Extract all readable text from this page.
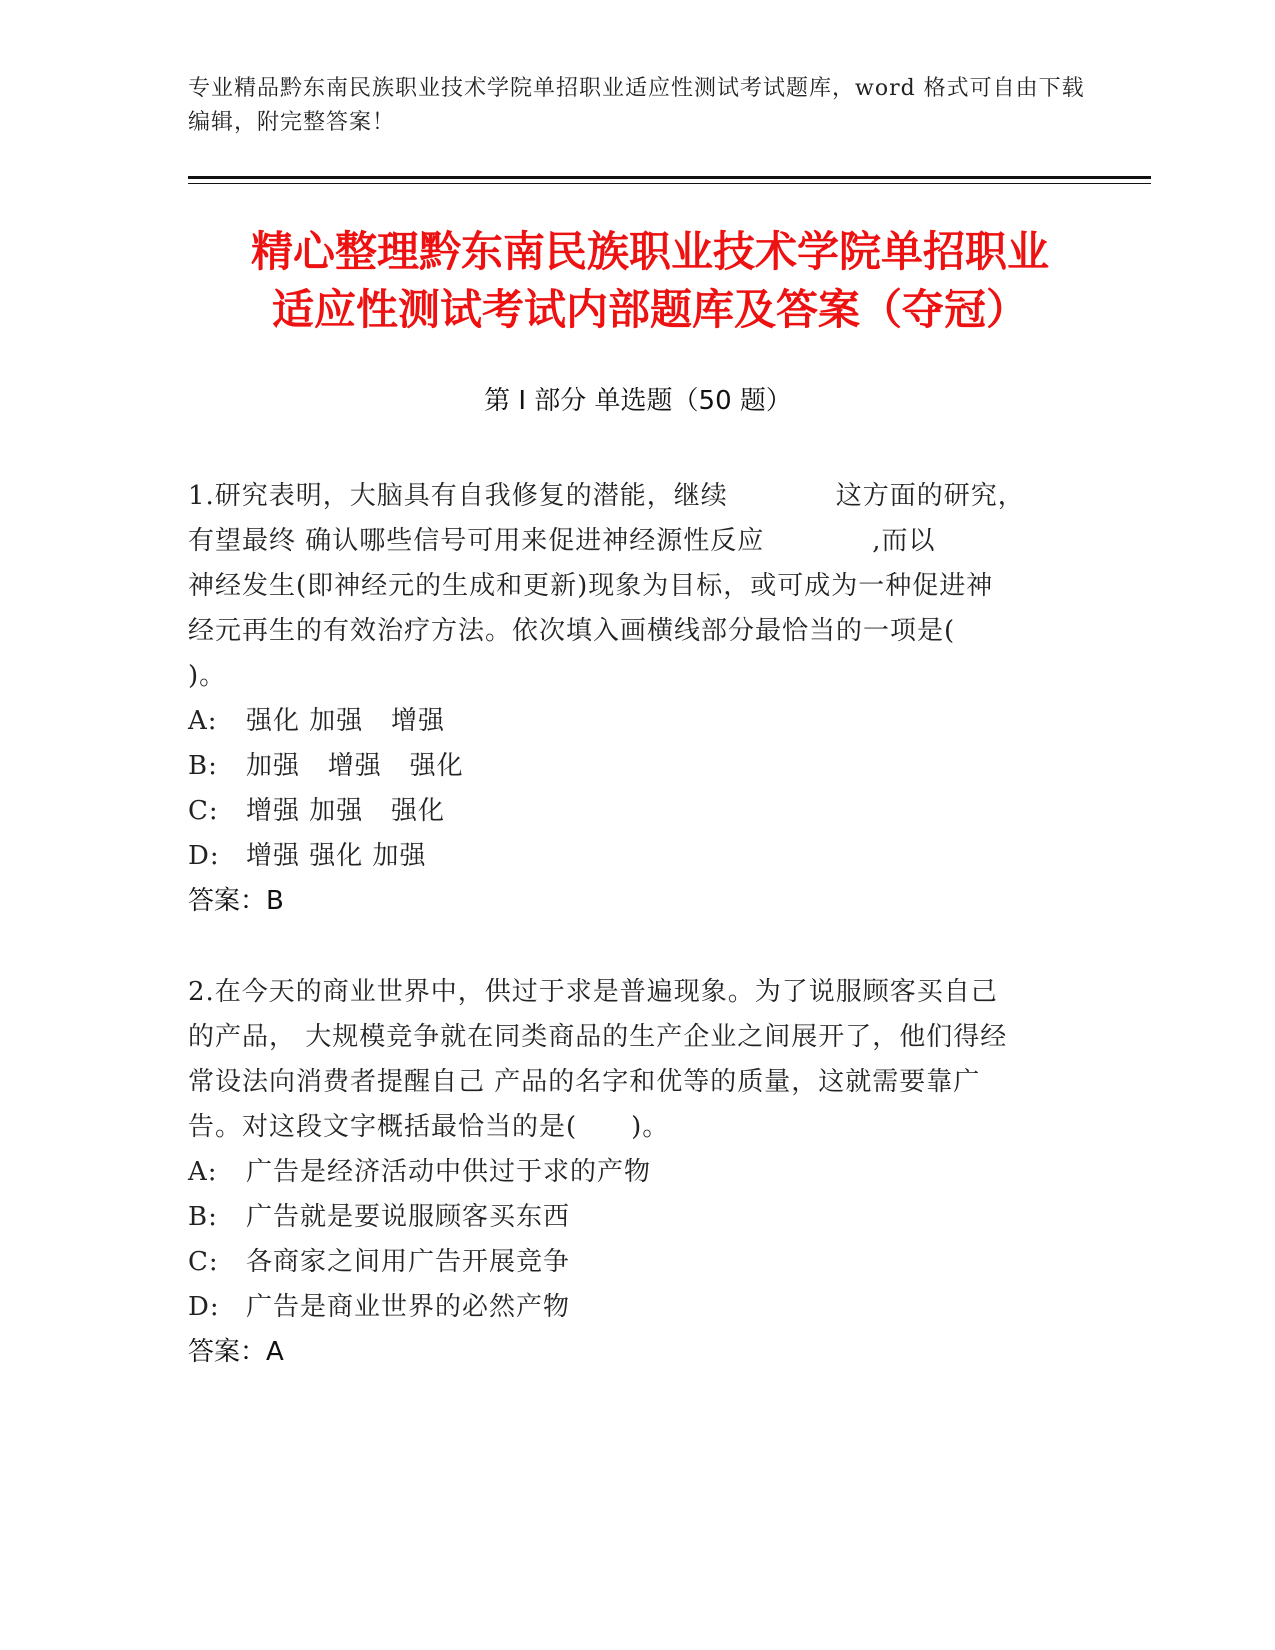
专业精品黔东南民族职业技术学院单招职业适应性测试考试题库，word 格式可自由下载编辑，附完整答案！
精心整理黔东南民族职业技术学院单招职业
适应性测试考试内部题库及答案（夺冠）
第 I 部分 单选题（50 题）
1.研究表明，大脑具有自我修复的潜能，继续　　　　这方面的研究，
有望最终 确认哪些信号可用来促进神经源性反应　　　　,而以
神经发生(即神经元的生成和更新)现象为目标，或可成为一种促进神
经元再生的有效治疗方法。依次填入画横线部分最恰当的一项是(
)。
A: 强化 加强   增强
B: 加强   增强   强化
C: 增强 加强   强化
D: 增强 强化 加强
答案：B
2.在今天的商业世界中，供过于求是普遍现象。为了说服顾客买自己
的产品， 大规模竞争就在同类商品的生产企业之间展开了，他们得经
常设法向消费者提醒自己 产品的名字和优等的质量，这就需要靠广
告。对这段文字概括最恰当的是(　　)。
A: 广告是经济活动中供过于求的产物
B: 广告就是要说服顾客买东西
C: 各商家之间用广告开展竞争
D: 广告是商业世界的必然产物
答案：A
